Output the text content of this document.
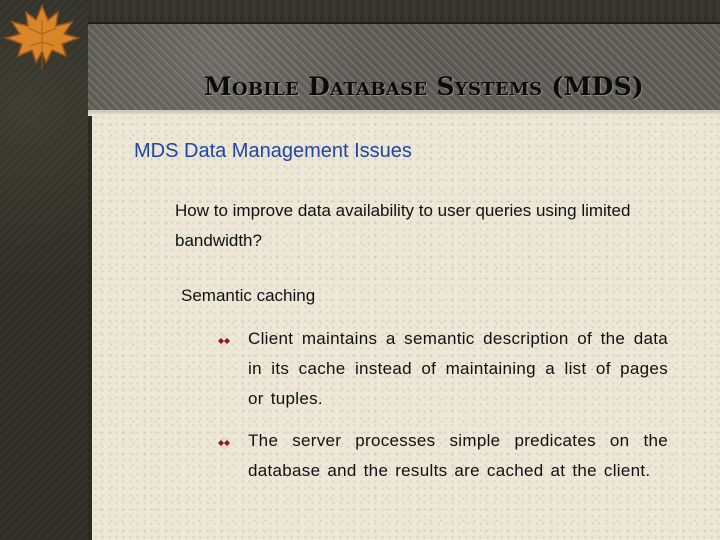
Mobile Database Systems (MDS)
MDS Data Management Issues
How to improve data availability to user queries using limited bandwidth?
Semantic caching
Client maintains a semantic description of the data in its cache instead of maintaining a list of pages or tuples.
The server processes simple predicates on the database and the results are cached at the client.
